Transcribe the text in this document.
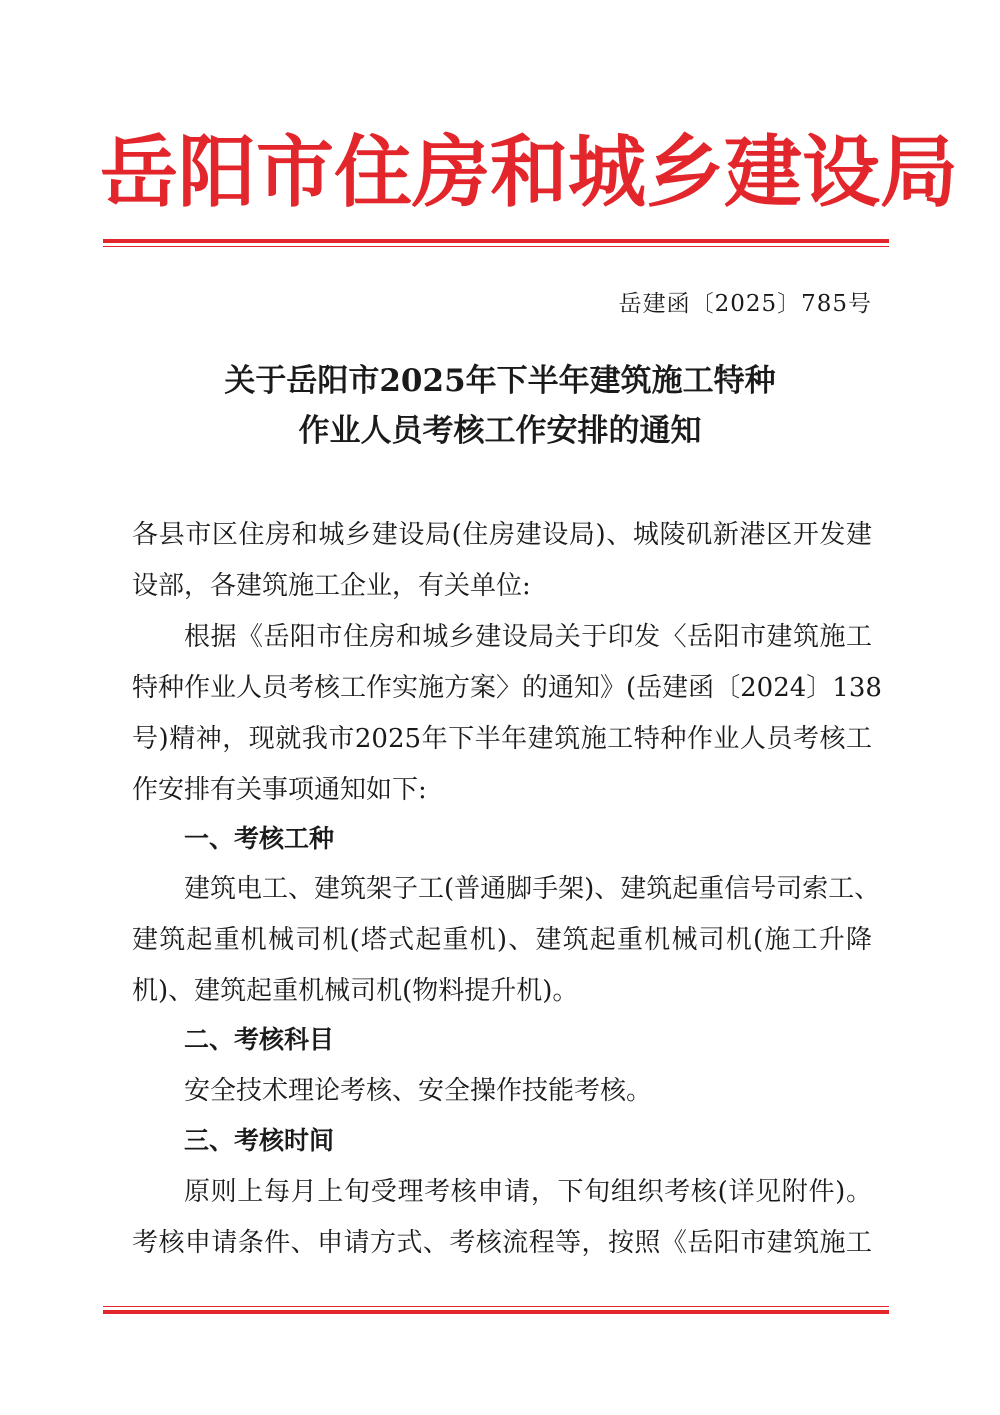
岳阳市住房和城乡建设局
岳建函〔2025〕785号
关于岳阳市2025年下半年建筑施工特种
作业人员考核工作安排的通知
各县市区住房和城乡建设局(住房建设局)、城陵矶新港区开发建
设部，各建筑施工企业，有关单位:
根据《岳阳市住房和城乡建设局关于印发〈岳阳市建筑施工
特种作业人员考核工作实施方案〉的通知》(岳建函〔2024〕138
号)精神，现就我市2025年下半年建筑施工特种作业人员考核工
作安排有关事项通知如下:
一、考核工种
建筑电工、建筑架子工(普通脚手架)、建筑起重信号司索工、
建筑起重机械司机(塔式起重机)、建筑起重机械司机(施工升降
机)、建筑起重机械司机(物料提升机)。
二、考核科目
安全技术理论考核、安全操作技能考核。
三、考核时间
原则上每月上旬受理考核申请，下旬组织考核(详见附件)。
考核申请条件、申请方式、考核流程等，按照《岳阳市建筑施工
